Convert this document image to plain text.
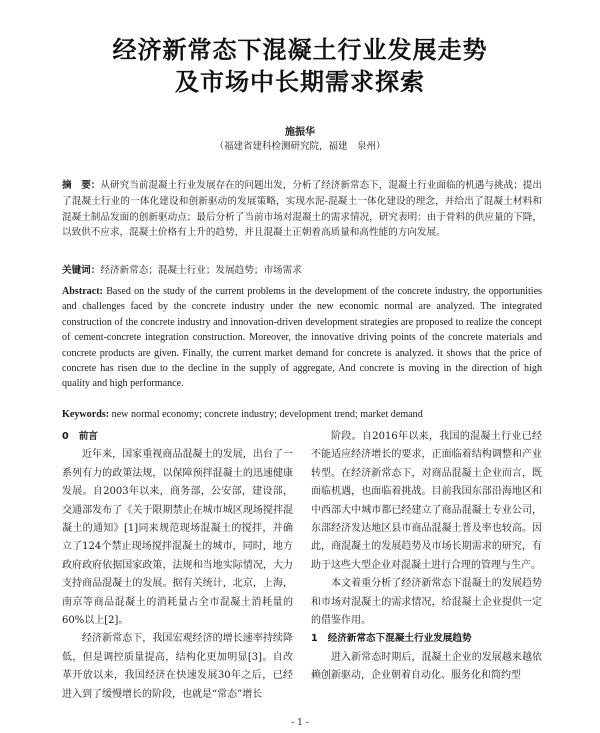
经济新常态下混凝土行业发展走势
及市场中长期需求探索
施振华
（福建省建科检测研究院，福建　泉州）
摘　要：从研究当前混凝土行业发展存在的问题出发，分析了经济新常态下，混凝土行业面临的机遇与挑战；提出了混凝土行业的一体化建设和创新驱动的发展策略，实现水泥-混凝土一体化建设的理念，并给出了混凝土材料和混凝土制品发面的创新驱动点；最后分析了当前市场对混凝土的需求情况，研究表明：由于骨料的供应量的下降，以致供不应求，混凝土价格有上升的趋势，并且混凝土正朝着高质量和高性能的方向发展。
关键词：经济新常态；混凝土行业；发展趋势；市场需求
Abstract: Based on the study of the current problems in the development of the concrete industry, the opportunities and challenges faced by the concrete industry under the new economic normal are analyzed. The integrated construction of the concrete industry and innovation-driven development strategies are proposed to realize the concept of cement-concrete integration construction. Moreover, the innovative driving points of the concrete materials and concrete products are given. Finally, the current market demand for concrete is analyzed. it shows that the price of concrete has risen due to the decline in the supply of aggregate, And concrete is moving in the direction of high quality and high performance.
Keywords: new normal economy; concrete industry; development trend; market demand

0 前言

近年来，国家重视商品混凝土的发展，出台了一系列有力的政策法规，以保障预拌混凝土的迅速健康发展。自2003年以来，商务部，公安部，建设部，交通部发布了《关于限期禁止在城市城区现场搅拌混凝土的通知》[1]同来规范现场混凝土的搅拌，并确立了124个禁止现场搅拌混凝土的城市，同时，地方政府政府依据国家政策，法规和当地实际情况，大力支持商品混凝土的发展。据有关统计，北京，上海，南京等商品混凝土的消耗量占全市混凝土消耗量的60%以上[2]。

经济新常态下，我国宏观经济的增长速率持续降低，但是调控质量提高，结构化更加明显[3]。自改革开放以来，我国经济在快速发展30年之后，已经进入到了缓慢增长的阶段，也就是“常态”增长

阶段。自2016年以来，我国的混凝土行业已经不能适应经济增长的要求，正面临着结构调整和产业转型。在经济新常态下，对商品混凝土企业而言，既面临机遇，也面临着挑战。目前我国东部沿海地区和中西部大中城市都已经建立了商品混凝土专业公司，东部经济发达地区县市商品混凝土普及率也较高。因此，商混凝土的发展趋势及市场长期需求的研究，有助于这些大型企业对混凝土进行合理的管理与生产。

本文着重分析了经济新常态下混凝土的发展趋势和市场对混凝土的需求情况，给混凝土企业提供一定的借鉴作用。

1 经济新常态下混凝土行业发展趋势

进入新常态时期后，混凝土企业的发展越来越依赖创新驱动，企业朝着自动化、服务化和简约型

- 1 -
